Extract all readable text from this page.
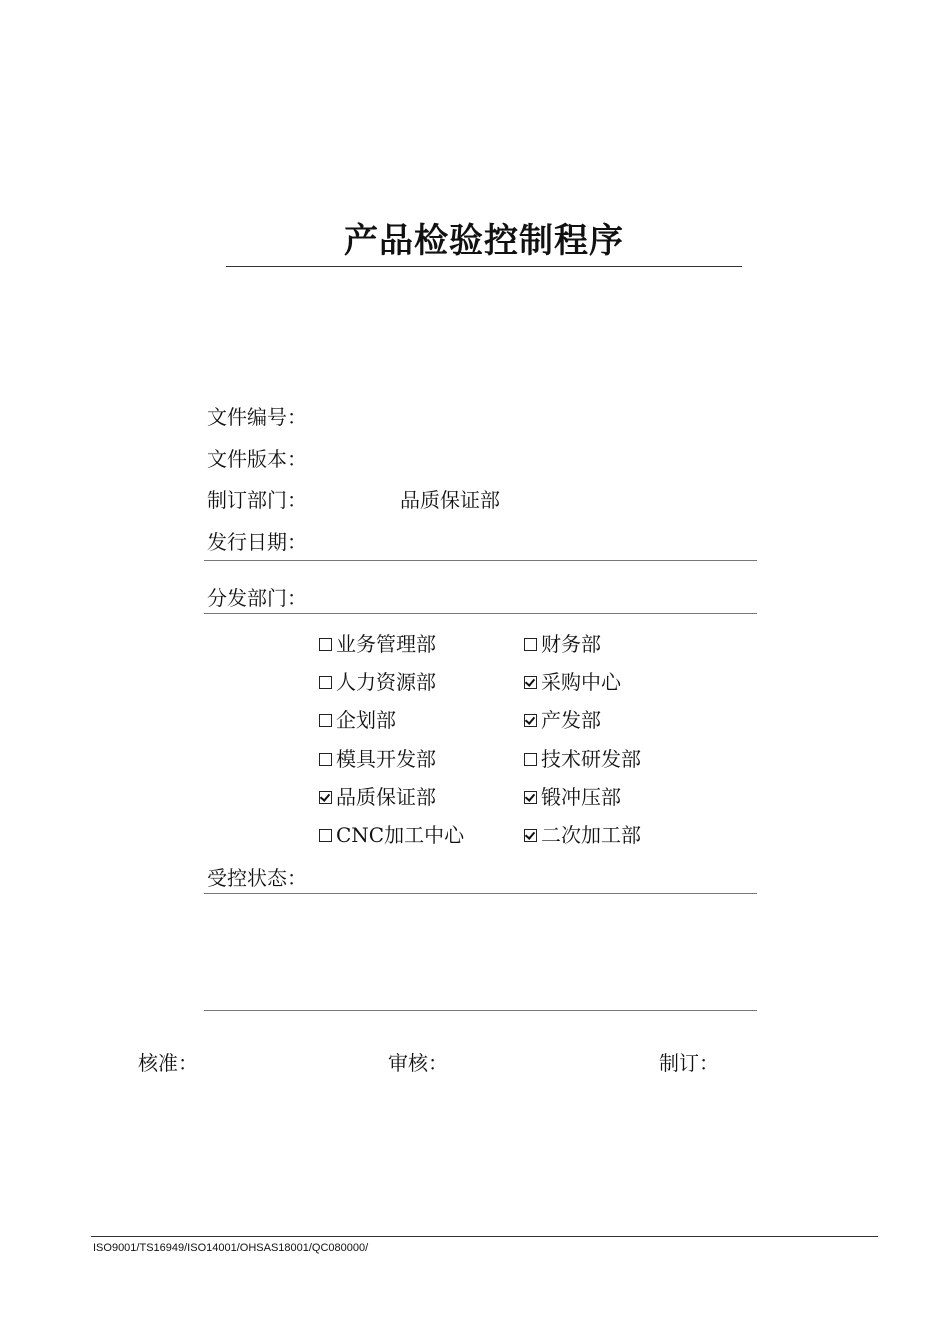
产品检验控制程序
文件编号：
文件版本：
制订部门：	品质保证部
发行日期：
分发部门：
业务管理部	财务部
人力资源部	采购中心
企划部	产发部
模具开发部	技术研发部
品质保证部	锻冲压部
CNC加工中心	二次加工部
受控状态：
核准：	审核：	制订：
ISO9001/TS16949/ISO14001/OHSAS18001/QC080000/
